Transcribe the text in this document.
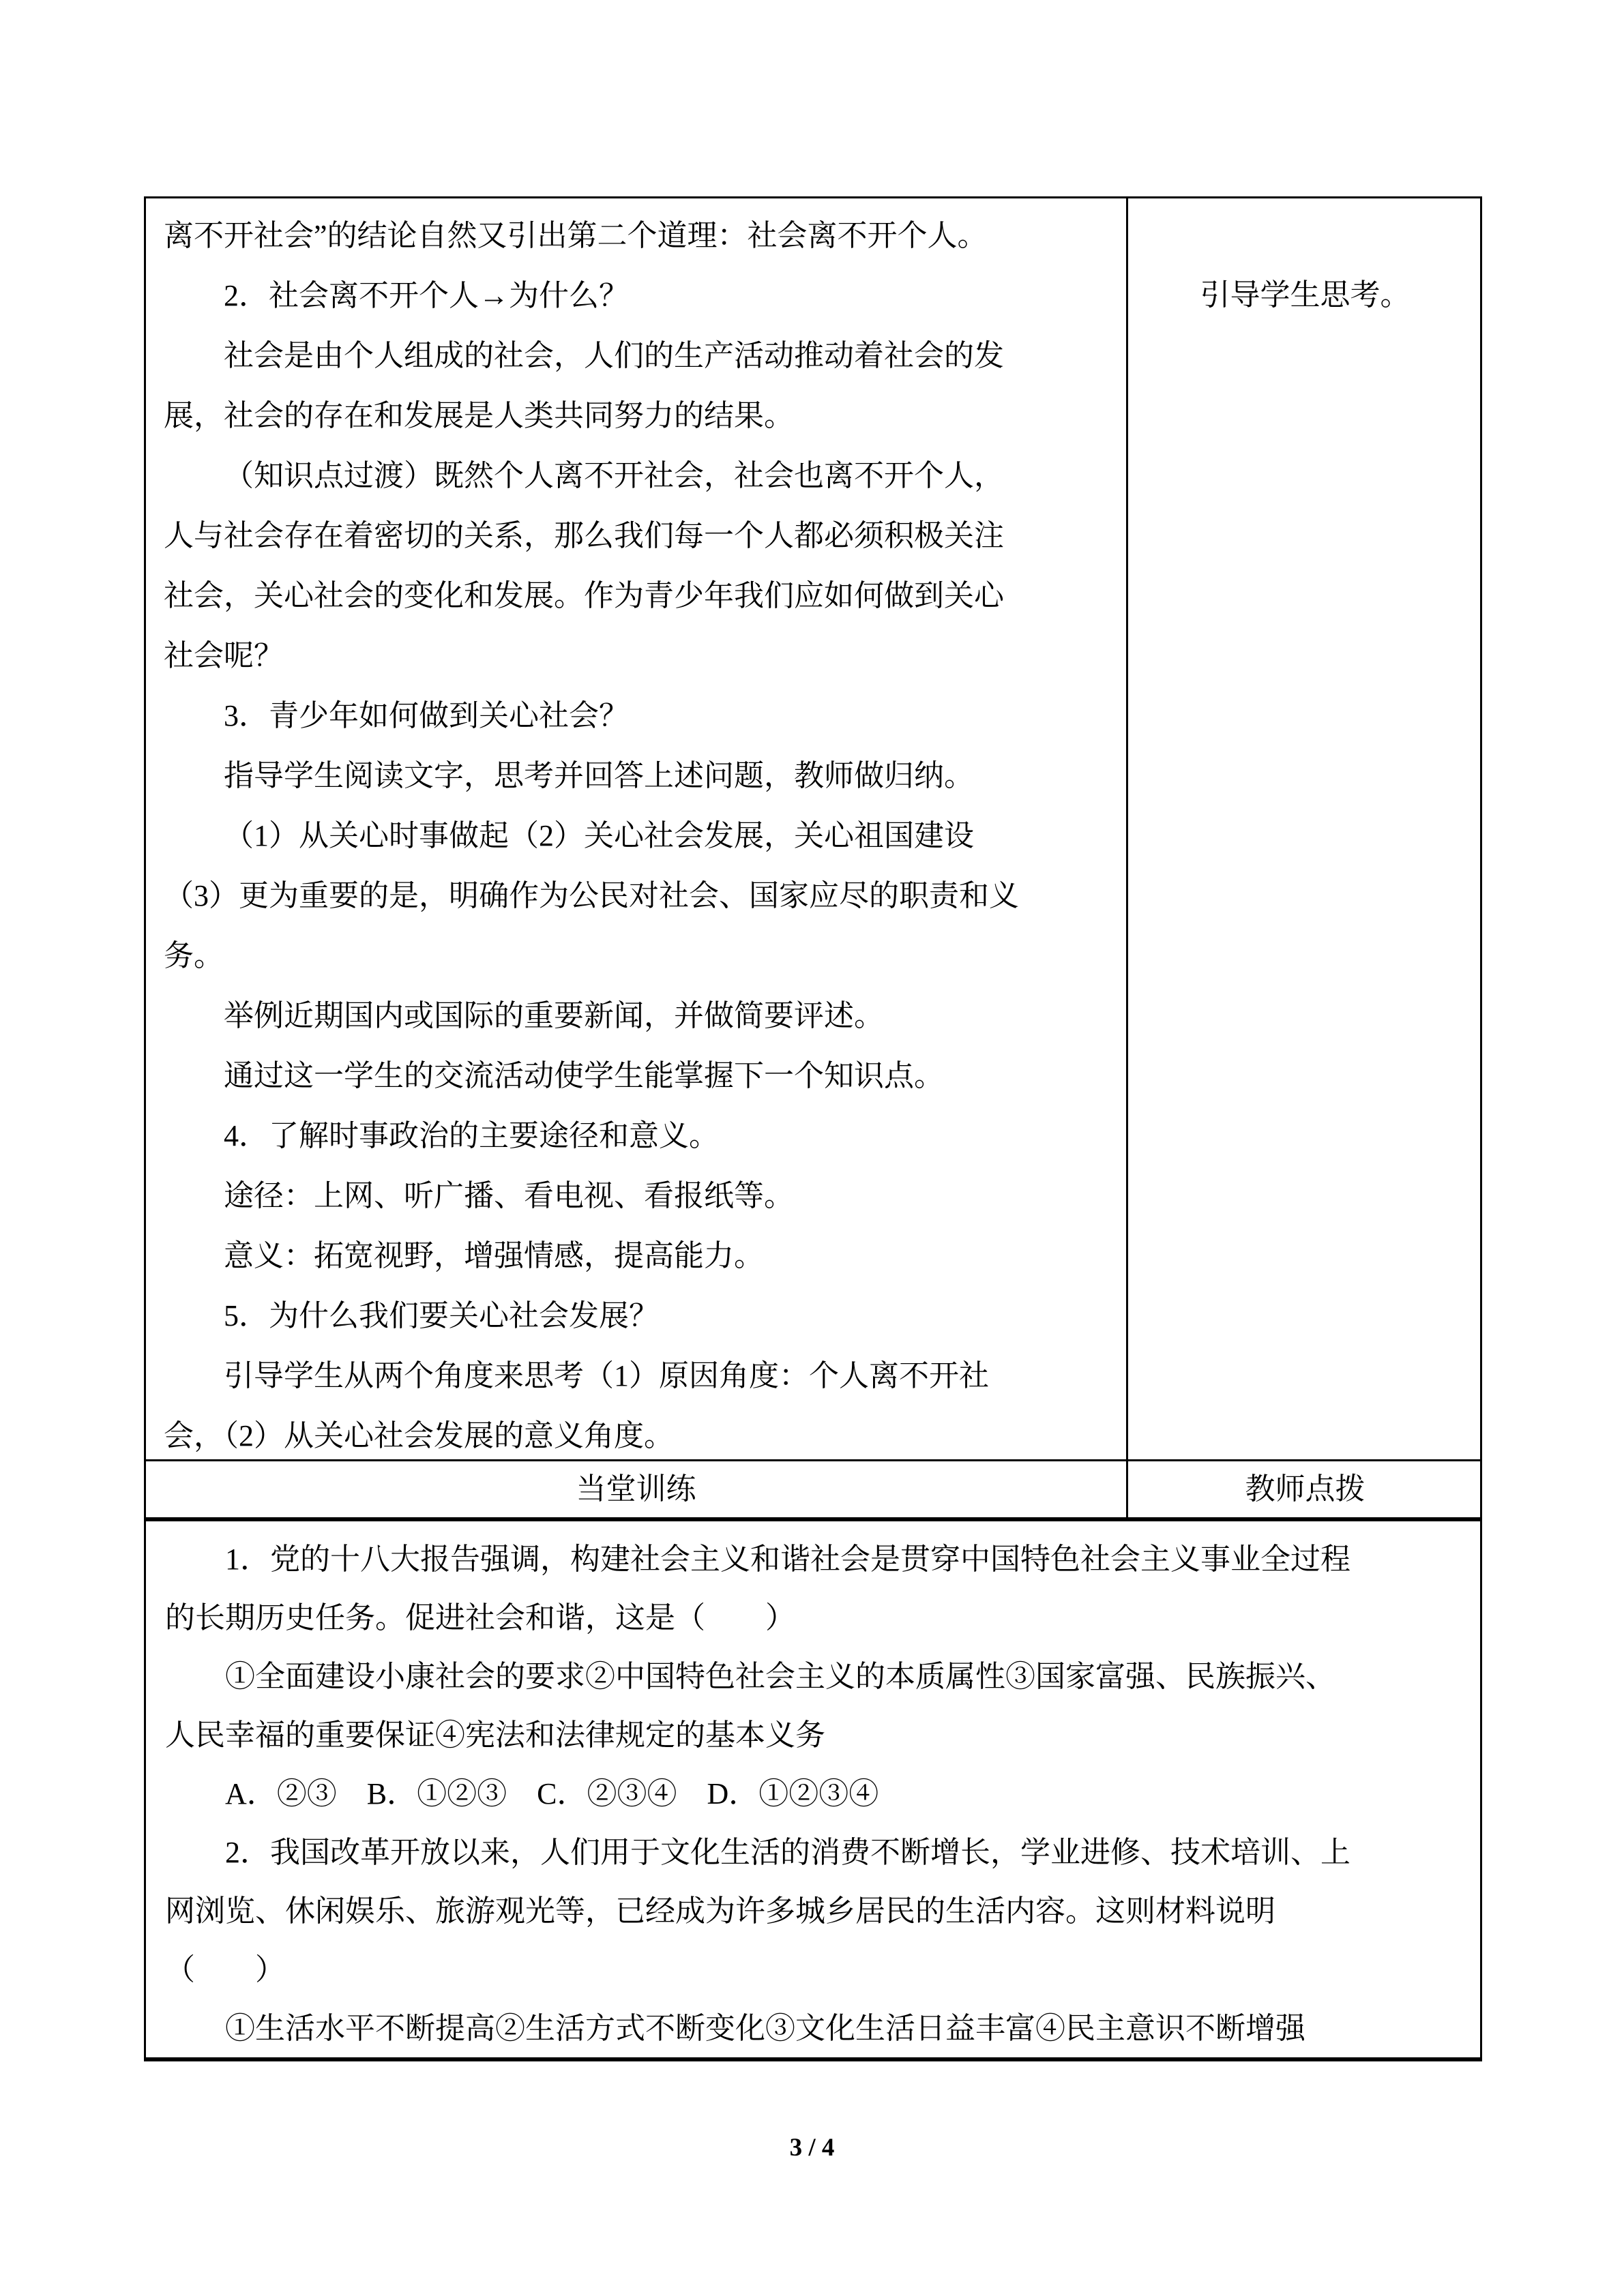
离不开社会”的结论自然又引出第二个道理：社会离不开个人。
2．社会离不开个人→为什么？
社会是由个人组成的社会，人们的生产活动推动着社会的发
展，社会的存在和发展是人类共同努力的结果。
（知识点过渡）既然个人离不开社会，社会也离不开个人，
人与社会存在着密切的关系，那么我们每一个人都必须积极关注
社会，关心社会的变化和发展。作为青少年我们应如何做到关心
社会呢？
3．青少年如何做到关心社会？
指导学生阅读文字，思考并回答上述问题，教师做归纳。
（1）从关心时事做起（2）关心社会发展，关心祖国建设
（3）更为重要的是，明确作为公民对社会、国家应尽的职责和义
务。
举例近期国内或国际的重要新闻，并做简要评述。
通过这一学生的交流活动使学生能掌握下一个知识点。
4．了解时事政治的主要途径和意义。
途径：上网、听广播、看电视、看报纸等。
意义：拓宽视野，增强情感，提高能力。
5．为什么我们要关心社会发展？
引导学生从两个角度来思考（1）原因角度：个人离不开社
会，（2）从关心社会发展的意义角度。
引导学生思考。
当堂训练	教师点拨
1．党的十八大报告强调，构建社会主义和谐社会是贯穿中国特色社会主义事业全过程
的长期历史任务。促进社会和谐，这是（　　）
①全面建设小康社会的要求②中国特色社会主义的本质属性③国家富强、民族振兴、
人民幸福的重要保证④宪法和法律规定的基本义务
A．②③　B．①②③　C．②③④　D．①②③④
2．我国改革开放以来，人们用于文化生活的消费不断增长，学业进修、技术培训、上
网浏览、休闲娱乐、旅游观光等，已经成为许多城乡居民的生活内容。这则材料说明
（　　）
①生活水平不断提高②生活方式不断变化③文化生活日益丰富④民主意识不断增强
3 / 4
